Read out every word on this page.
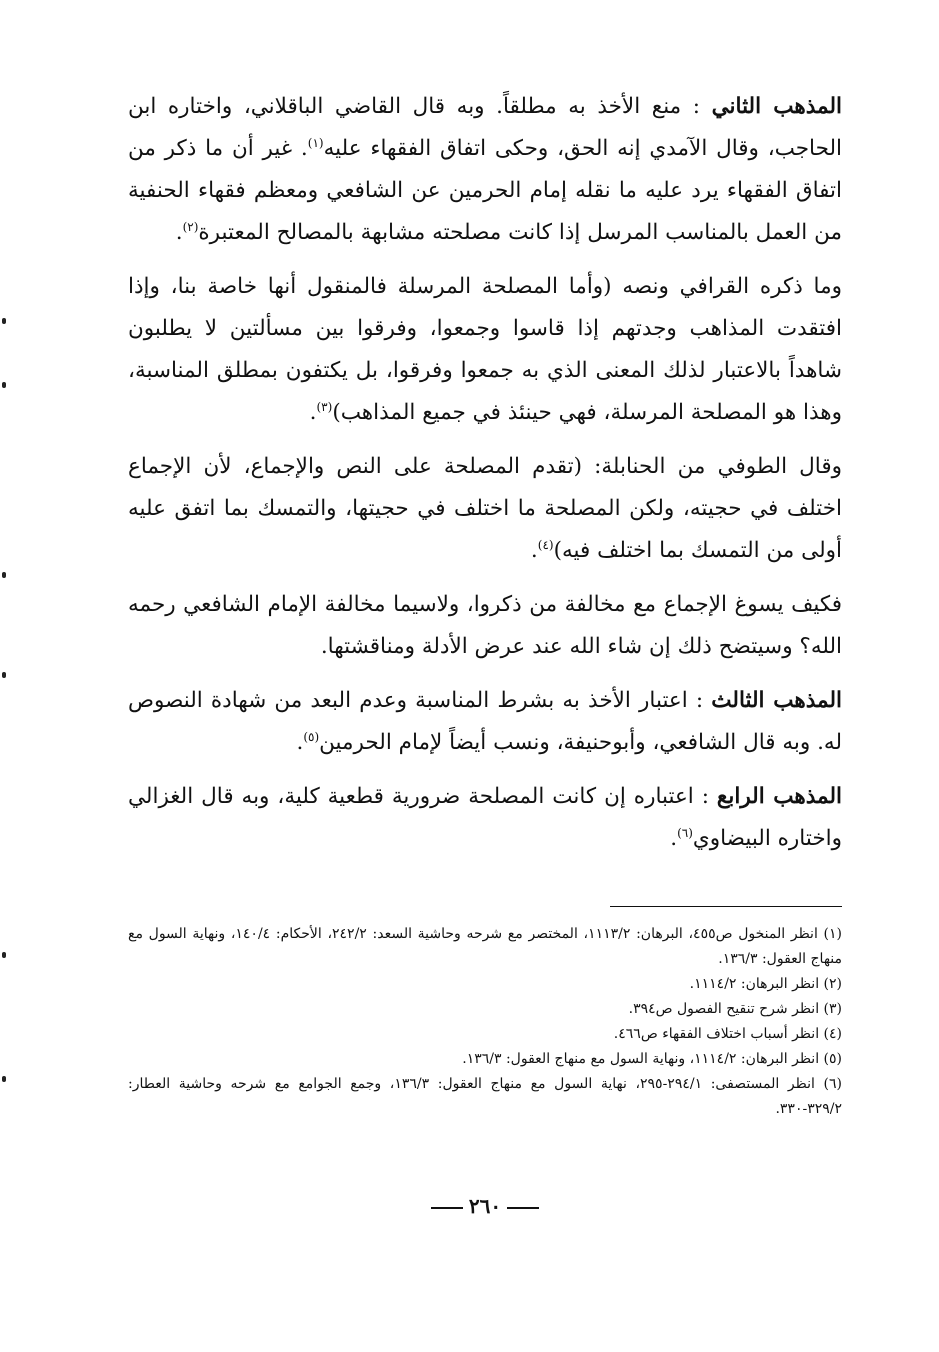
المذهب الثاني : منع الأخذ به مطلقاً. وبه قال القاضي الباقلاني، واختاره ابن الحاجب، وقال الآمدي إنه الحق، وحكى اتفاق الفقهاء عليه$^{(١)}$. غير أن ما ذكر من اتفاق الفقهاء يرد عليه ما نقله إمام الحرمين عن الشافعي ومعظم فقهاء الحنفية من العمل بالمناسب المرسل إذا كانت مصلحته مشابهة بالمصالح المعتبرة$^{(٢)}$.

وما ذكره القرافي ونصه (وأما المصلحة المرسلة فالمنقول أنها خاصة بنا، وإذا افتقدت المذاهب وجدتهم إذا قاسوا وجمعوا، وفرقوا بين مسألتين لا يطلبون شاهداً بالاعتبار لذلك المعنى الذي به جمعوا وفرقوا، بل يكتفون بمطلق المناسبة، وهذا هو المصلحة المرسلة، فهي حينئذ في جميع المذاهب)$^{(٣)}$.

وقال الطوفي من الحنابلة: (تقدم المصلحة على النص والإجماع، لأن الإجماع اختلف في حجيته، ولكن المصلحة ما اختلف في حجيتها، والتمسك بما اتفق عليه أولى من التمسك بما اختلف فيه)$^{(٤)}$.

فكيف يسوغ الإجماع مع مخالفة من ذكروا، ولاسيما مخالفة الإمام الشافعي رحمه الله؟ وسيتضح ذلك إن شاء الله عند عرض الأدلة ومناقشتها.

المذهب الثالث : اعتبار الأخذ به بشرط المناسبة وعدم البعد من شهادة النصوص له. وبه قال الشافعي، وأبوحنيفة، ونسب أيضاً لإمام الحرمين$^{(٥)}$.

المذهب الرابع : اعتباره إن كانت المصلحة ضرورية قطعية كلية، وبه قال الغزالي واختاره البيضاوي$^{(٦)}$.

(١) انظر المنخول ص٤٥٥، البرهان: ١١١٣/٢، المختصر مع شرحه وحاشية السعد: ٢٤٢/٢، الأحكام: ١٤٠/٤، ونهاية السول مع منهاج العقول: ١٣٦/٣.

(٢) انظر البرهان: ١١١٤/٢.

(٣) انظر شرح تنقيح الفصول ص٣٩٤.

(٤) انظر أسباب اختلاف الفقهاء ص٤٦٦.

(٥) انظر البرهان: ١١١٤/٢، ونهاية السول مع منهاج العقول: ١٣٦/٣.

(٦) انظر المستصفى: ٢٩٤/١-٢٩٥، نهاية السول مع منهاج العقول: ١٣٦/٣، وجمع الجوامع مع شرحه وحاشية العطار: ٣٢٩/٢-٣٣٠.

٢٦٠
